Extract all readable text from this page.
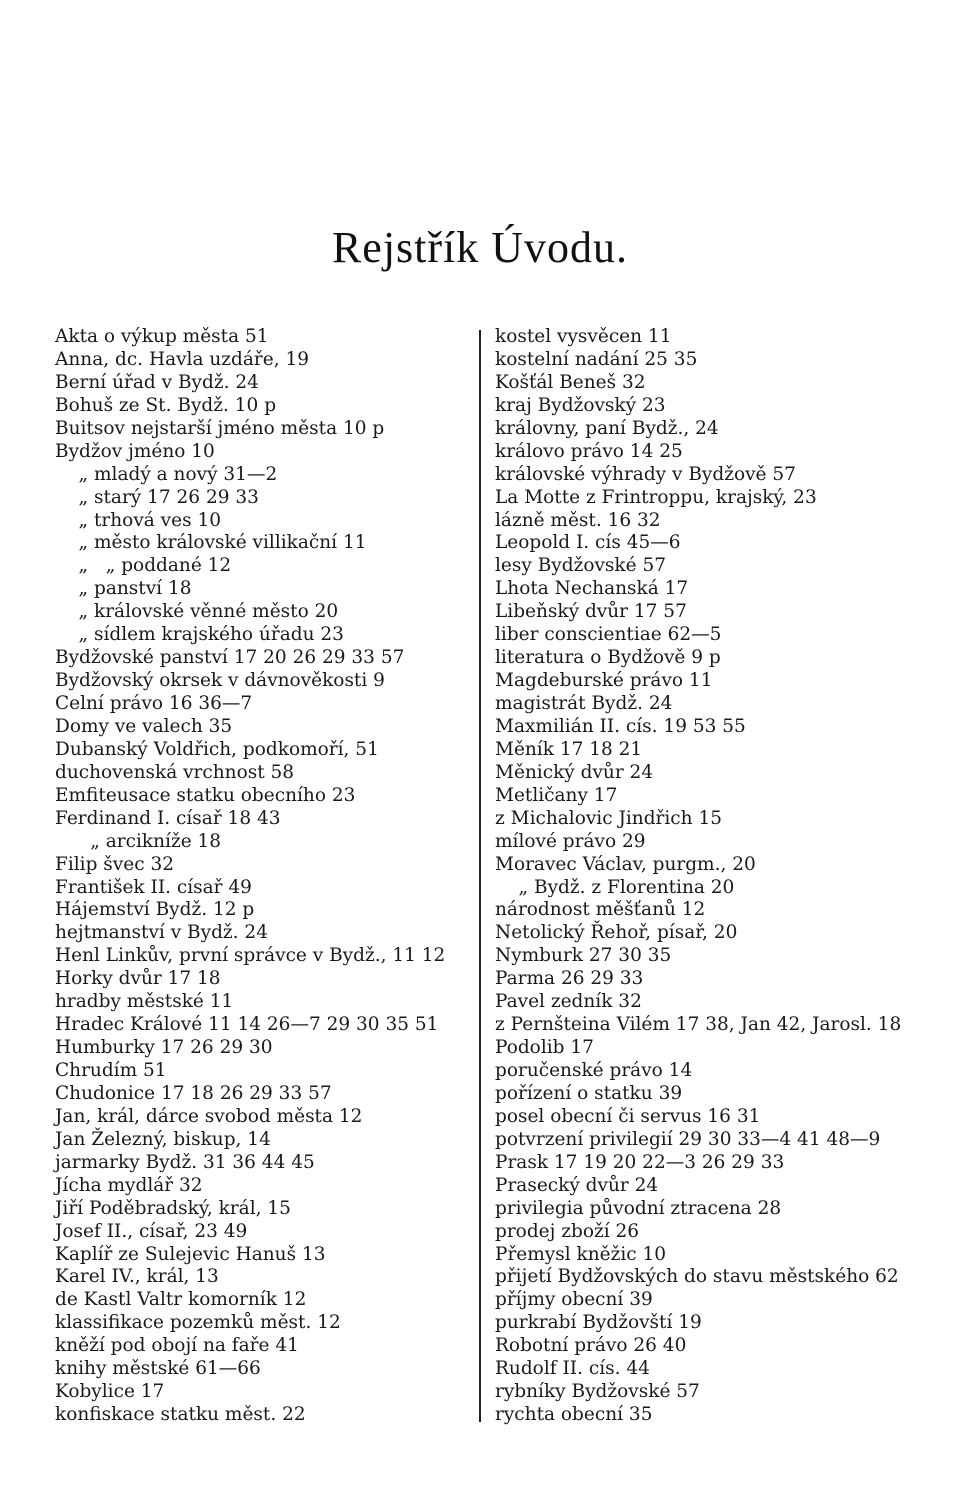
Rejstřík Úvodu.
Akta o výkup města 51
Anna, dc. Havla uzdáře, 19
Berní úřad v Bydž. 24
Bohuš ze St. Bydž. 10 p
Buitsov nejstarší jméno města 10 p
Bydžov jméno 10
„ mladý a nový 31—2
„ starý 17 26 29 33
„ trhová ves 10
„ město královské villikační 11
„   „ poddané 12
„ panství 18
„ královské věnné město 20
„ sídlem krajského úřadu 23
Bydžovské panství 17 20 26 29 33 57
Bydžovský okrsek v dávnověkosti 9
Celní právo 16 36—7
Domy ve valech 35
Dubanský Voldřich, podkomoří, 51
duchovenská vrchnost 58
Emfiteusace statku obecního 23
Ferdinand I. císař 18 43
„ arcikníže 18
Filip švec 32
František II. císař 49
Hájemství Bydž. 12 p
hejtmanství v Bydž. 24
Henl Linkův, první správce v Bydž., 11 12
Horky dvůr 17 18
hradby městské 11
Hradec Králové 11 14 26—7 29 30 35 51
Humburky 17 26 29 30
Chrudím 51
Chudonice 17 18 26 29 33 57
Jan, král, dárce svobod města 12
Jan Železný, biskup, 14
jarmarky Bydž. 31 36 44 45
Jícha mydlář 32
Jiří Poděbradský, král, 15
Josef II., císař, 23 49
Kaplíř ze Sulejevic Hanuš 13
Karel IV., král, 13
de Kastl Valtr komorník 12
klassifikace pozemků měst. 12
kněží pod obojí na faře 41
knihy městské 61—66
Kobylice 17
konfiskace statku měst. 22
kostel vysvěcen 11
kostelní nadání 25 35
Košťál Beneš 32
kraj Bydžovský 23
královny, paní Bydž., 24
královo právo 14 25
královské výhrady v Bydžově 57
La Motte z Frintroppu, krajský, 23
lázně měst. 16 32
Leopold I. cís 45—6
lesy Bydžovské 57
Lhota Nechanská 17
Libeňský dvůr 17 57
liber conscientiae 62—5
literatura o Bydžově 9 p
Magdeburské právo 11
magistrát Bydž. 24
Maxmilián II. cís. 19 53 55
Měník 17 18 21
Měnický dvůr 24
Metličany 17
z Michalovic Jindřich 15
mílové právo 29
Moravec Václav, purgm., 20
„ Bydž. z Florentina 20
národnost měšťanů 12
Netolický Řehoř, písař, 20
Nymburk 27 30 35
Parma 26 29 33
Pavel zedník 32
z Pernšteina Vilém 17 38, Jan 42, Jarosl. 18
Podolib 17
poručenské právo 14
pořízení o statku 39
posel obecní či servus 16 31
potvrzení privilegií 29 30 33—4 41 48—9
Prask 17 19 20 22—3 26 29 33
Prasecký dvůr 24
privilegia původní ztracena 28
prodej zboží 26
Přemysl kněžic 10
přijetí Bydžovských do stavu městského 62
příjmy obecní 39
purkrabí Bydžovští 19
Robotní právo 26 40
Rudolf II. cís. 44
rybníky Bydžovské 57
rychta obecní 35
